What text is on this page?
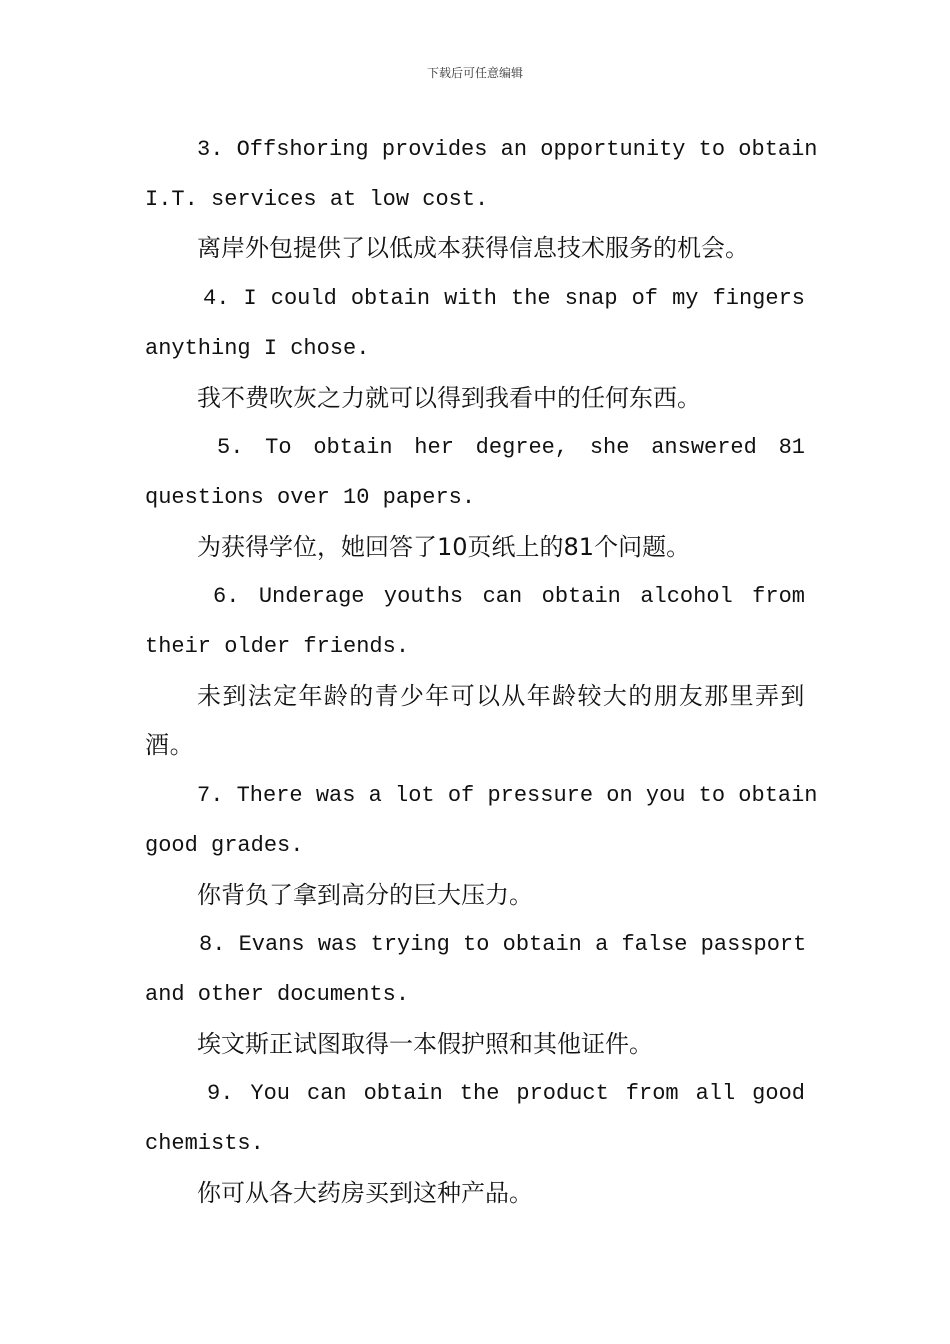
下载后可任意编辑

3. Offshoring provides an opportunity to obtain
I.T. services at low cost.

离岸外包提供了以低成本获得信息技术服务的机会。

4. I could obtain with the snap of my fingers
anything I chose.

我不费吹灰之力就可以得到我看中的任何东西。

5. To obtain her degree, she answered 81
questions over 10 papers.

为获得学位，她回答了10页纸上的81个问题。

6. Underage youths can obtain alcohol from
their older friends.

未到法定年龄的青少年可以从年龄较大的朋友那里弄到酒。

7. There was a lot of pressure on you to obtain
good grades.

你背负了拿到高分的巨大压力。

8. Evans was trying to obtain a false passport
and other documents.

埃文斯正试图取得一本假护照和其他证件。

9. You can obtain the product from all good
chemists.

你可从各大药房买到这种产品。
